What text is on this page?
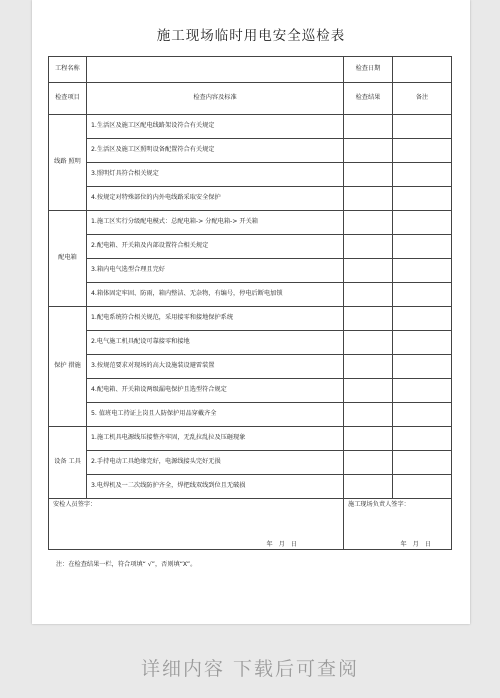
施工现场临时用电安全巡检表
工程名称		检查日期	
检查项目	检查内容及标准	检查结果	备注
线路 照明	1.生活区及施工区配电线路架设符合有关规定		
	2.生活区及施工区照明设备配置符合有关规定		
	3.照明灯具符合相关规定		
	4.按规定对特殊部位的内外电线路采取安全保护		
配电箱	1.施工区实行分级配电模式：总配电箱-> 分配电箱-> 开关箱		
	2.配电箱、开关箱及内部设置符合相关规定		
	3.箱内电气选型合理且完好		
	4.箱体固定牢固、防雨，箱内整洁、无杂物，有编号，停电后断电加锁		
保护 措施	1.配电系统符合相关规范，采用接零和接地保护系统		
	2.电气施工机具配设可靠接零和接地		
	3.按规范要求对现场的高大设施装设避雷装置		
	4.配电箱、开关箱设两级漏电保护且选型符合规定		
	5. 值班电工持证上岗且人防保护用品穿戴齐全		
设备 工具	1.施工机具电源线压接整齐牢固，无乱拉乱拉及压砸现象		
	2.手持电动工具绝缘完好，电源线接头完好无损		
	3.电焊机及一二次线防护齐全，焊把线双线到位且无破损		
安检人员签字：
年 月 日		施工现场负责人签字：
年 月 日	
注：在检查结果一栏，符合项填“ √”，否则填“X”。
详细内容 下载后可查阅
